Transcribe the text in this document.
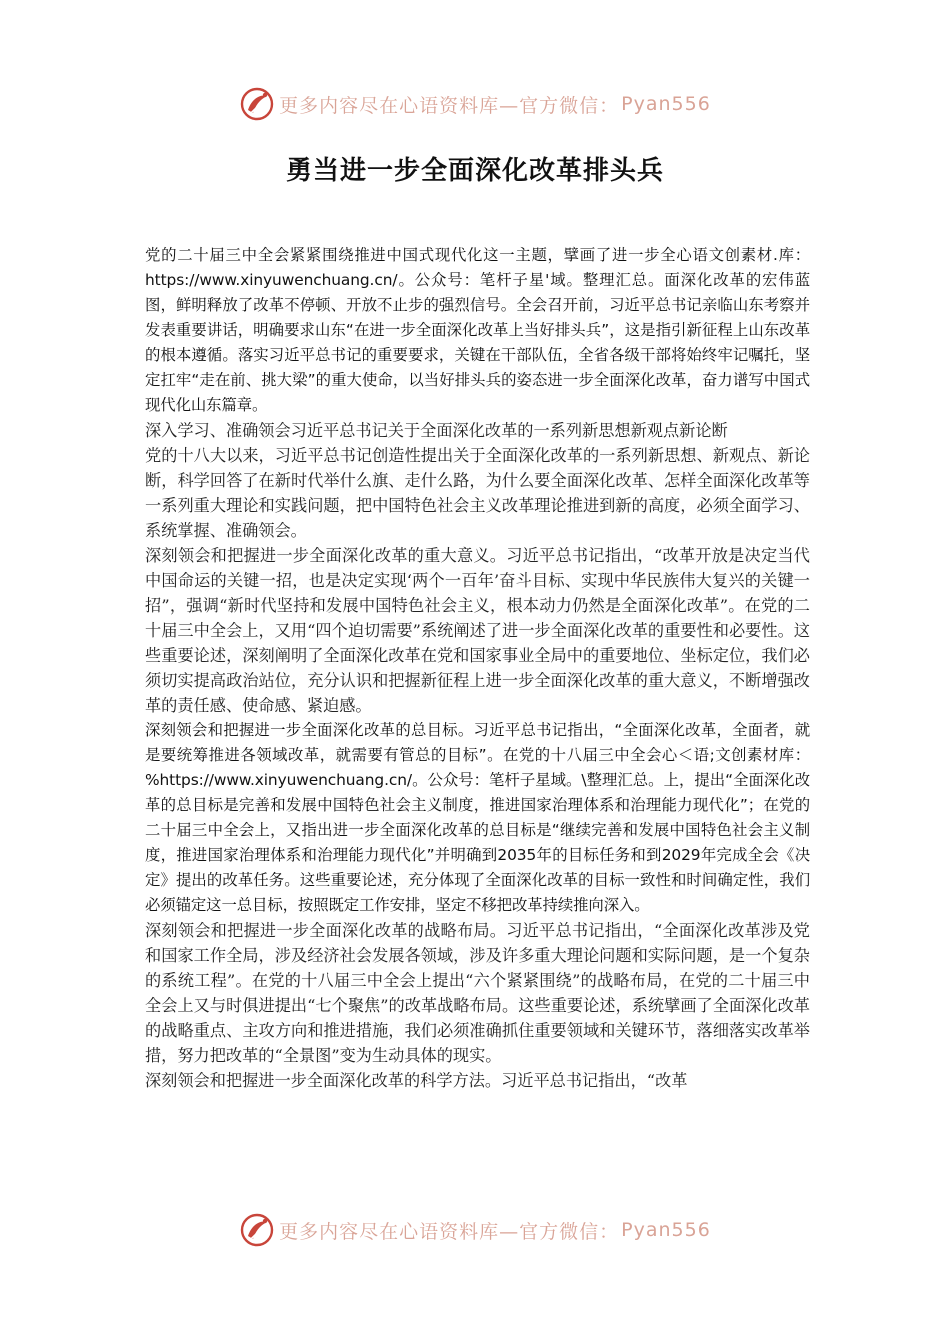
更多内容尽在心语资料库—官方微信： Pyan556
勇当进一步全面深化改革排头兵

党的二十届三中全会紧紧围绕推进中国式现代化这一主题，擘画了进一步全心语文创素材.库：https://www.xinyuwenchuang.cn/。公众号：笔杆子星'域。整理汇总。面深化改革的宏伟蓝图，鲜明释放了改革不停顿、开放不止步的强烈信号。全会召开前，习近平总书记亲临山东考察并发表重要讲话，明确要求山东“在进一步全面深化改革上当好排头兵”，这是指引新征程上山东改革的根本遵循。落实习近平总书记的重要要求，关键在干部队伍，全省各级干部将始终牢记嘱托，坚定扛牢“走在前、挑大梁”的重大使命，以当好排头兵的姿态进一步全面深化改革，奋力谱写中国式现代化山东篇章。

深入学习、准确领会习近平总书记关于全面深化改革的一系列新思想新观点新论断

党的十八大以来，习近平总书记创造性提出关于全面深化改革的一系列新思想、新观点、新论断，科学回答了在新时代举什么旗、走什么路，为什么要全面深化改革、怎样全面深化改革等一系列重大理论和实践问题，把中国特色社会主义改革理论推进到新的高度，必须全面学习、系统掌握、准确领会。

深刻领会和把握进一步全面深化改革的重大意义。习近平总书记指出，“改革开放是决定当代中国命运的关键一招，也是决定实现‘两个一百年’奋斗目标、实现中华民族伟大复兴的关键一招”，强调“新时代坚持和发展中国特色社会主义，根本动力仍然是全面深化改革”。在党的二十届三中全会上，又用“四个迫切需要”系统阐述了进一步全面深化改革的重要性和必要性。这些重要论述，深刻阐明了全面深化改革在党和国家事业全局中的重要地位、坐标定位，我们必须切实提高政治站位，充分认识和把握新征程上进一步全面深化改革的重大意义，不断增强改革的责任感、使命感、紧迫感。

深刻领会和把握进一步全面深化改革的总目标。习近平总书记指出，“全面深化改革，全面者，就是要统筹推进各领域改革，就需要有管总的目标”。在党的十八届三中全会心＜语;文创素材库：%https://www.xinyuwenchuang.cn/。公众号：笔杆子星域。\整理汇总。上，提出“全面深化改革的总目标是完善和发展中国特色社会主义制度，推进国家治理体系和治理能力现代化”；在党的二十届三中全会上，又指出进一步全面深化改革的总目标是“继续完善和发展中国特色社会主义制度，推进国家治理体系和治理能力现代化”并明确到2035年的目标任务和到2029年完成全会《决定》提出的改革任务。这些重要论述，充分体现了全面深化改革的目标一致性和时间确定性，我们必须锚定这一总目标，按照既定工作安排，坚定不移把改革持续推向深入。

深刻领会和把握进一步全面深化改革的战略布局。习近平总书记指出，“全面深化改革涉及党和国家工作全局，涉及经济社会发展各领域，涉及许多重大理论问题和实际问题，是一个复杂的系统工程”。在党的十八届三中全会上提出“六个紧紧围绕”的战略布局，在党的二十届三中全会上又与时俱进提出“七个聚焦”的改革战略布局。这些重要论述，系统擘画了全面深化改革的战略重点、主攻方向和推进措施，我们必须准确抓住重要领域和关键环节，落细落实改革举措，努力把改革的“全景图”变为生动具体的现实。

深刻领会和把握进一步全面深化改革的科学方法。习近平总书记指出，“改革

更多内容尽在心语资料库—官方微信： Pyan556
